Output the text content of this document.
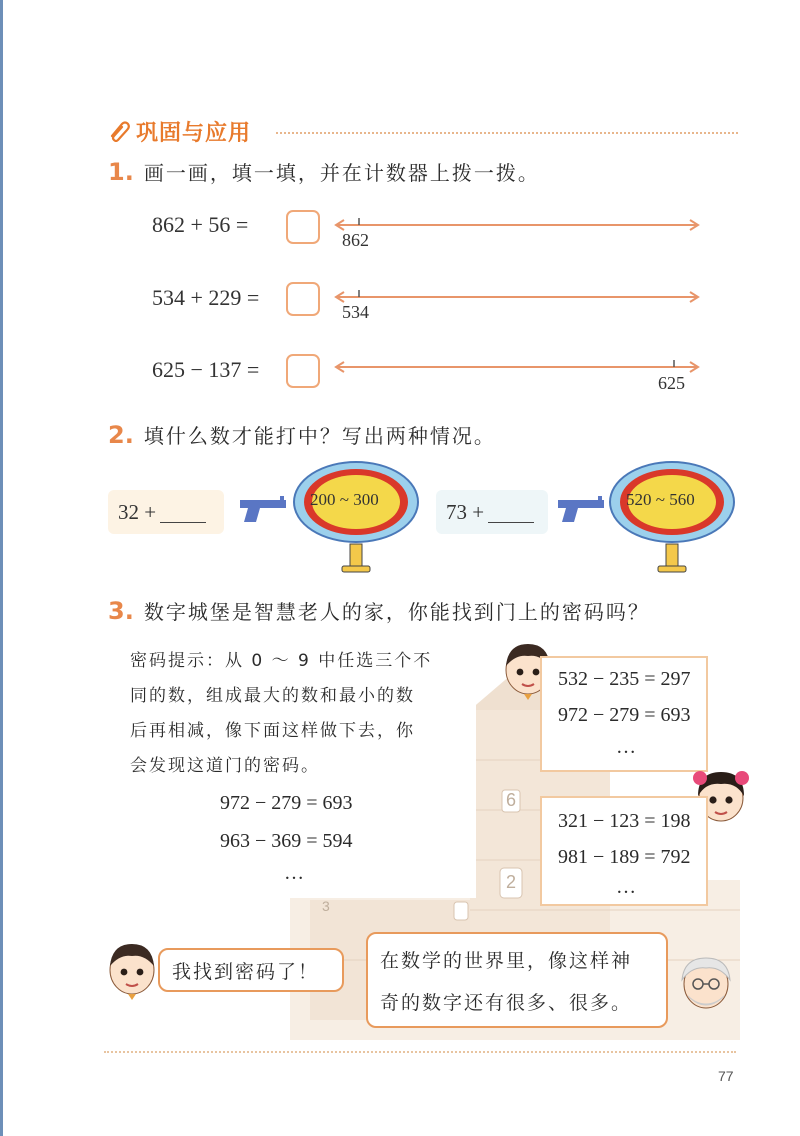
巩固与应用
1. 画一画，填一填，并在计数器上拨一拨。
862 + 56 =
862
534 + 229 =
534
625 − 137 =
625
2. 填什么数才能打中？写出两种情况。
32 +	200 ~ 300	73 +	520 ~ 560
3. 数字城堡是智慧老人的家，你能找到门上的密码吗？
6
2
3
密码提示：从 0 ～ 9 中任选三个不
同的数，组成最大的数和最小的数
后再相减，像下面这样做下去，你
会发现这道门的密码。
972 − 279 = 693
963 − 369 = 594
…
532 − 235 = 297
972 − 279 = 693
…
321 − 123 = 198
981 − 189 = 792
…
我找到密码了！	在数学的世界里，像这样神
奇的数字还有很多、很多。
77
